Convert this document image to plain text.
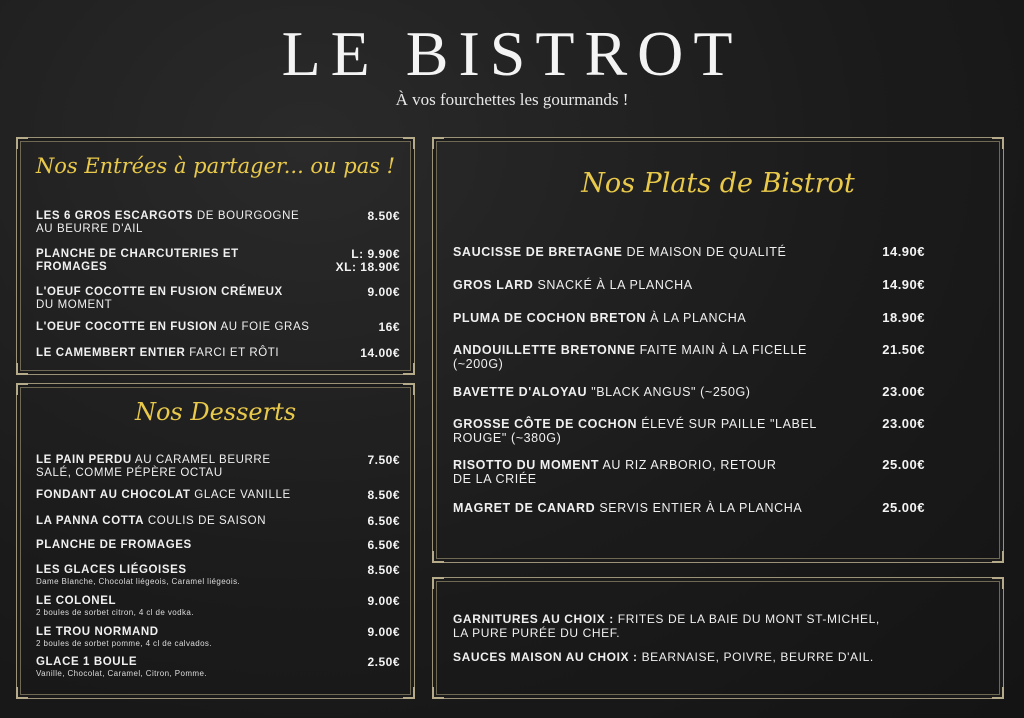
LE BISTROT
À vos fourchettes les gourmands !
Nos Entrées à partager... ou pas !
LES 6 GROS ESCARGOTS DE BOURGOGNE
AU BEURRE D'AIL
8.50€
PLANCHE DE CHARCUTERIES ET
FROMAGES
L: 9.90€
XL: 18.90€
L'OEUF COCOTTE EN FUSION CRÉMEUX
DU MOMENT
9.00€
L'OEUF COCOTTE EN FUSION AU FOIE GRAS	16€
LE CAMEMBERT ENTIER FARCI ET RÔTI	14.00€
Nos Desserts
LE PAIN PERDU AU CARAMEL BEURRE
SALÉ, COMME PÉPÈRE OCTAU
7.50€
FONDANT AU CHOCOLAT GLACE VANILLE	8.50€
LA PANNA COTTA COULIS DE SAISON	6.50€
PLANCHE DE FROMAGES	6.50€
LES GLACES LIÉGOISES
Dame Blanche, Chocolat liégeois, Caramel liégeois.
8.50€
LE COLONEL
2 boules de sorbet citron, 4 cl de vodka.
9.00€
LE TROU NORMAND
2 boules de sorbet pomme, 4 cl de calvados.
9.00€
GLACE 1 BOULE
Vanille, Chocolat, Caramel, Citron, Pomme.
2.50€
Nos Plats de Bistrot
SAUCISSE DE BRETAGNE DE MAISON DE QUALITÉ	14.90€
GROS LARD SNACKÉ À LA PLANCHA	14.90€
PLUMA DE COCHON BRETON À LA PLANCHA	18.90€
ANDOUILLETTE BRETONNE FAITE MAIN À LA FICELLE
(~200G)
21.50€
BAVETTE D'ALOYAU "BLACK ANGUS" (~250G)	23.00€
GROSSE CÔTE DE COCHON ÉLEVÉ SUR PAILLE "LABEL
ROUGE" (~380G)
23.00€
RISOTTO DU MOMENT AU RIZ ARBORIO, RETOUR
DE LA CRIÉE
25.00€
MAGRET DE CANARD SERVIS ENTIER À LA PLANCHA	25.00€
GARNITURES AU CHOIX : FRITES DE LA BAIE DU MONT ST-MICHEL,
LA PURE PURÉE DU CHEF.
SAUCES MAISON AU CHOIX : BEARNAISE, POIVRE, BEURRE D'AIL.
